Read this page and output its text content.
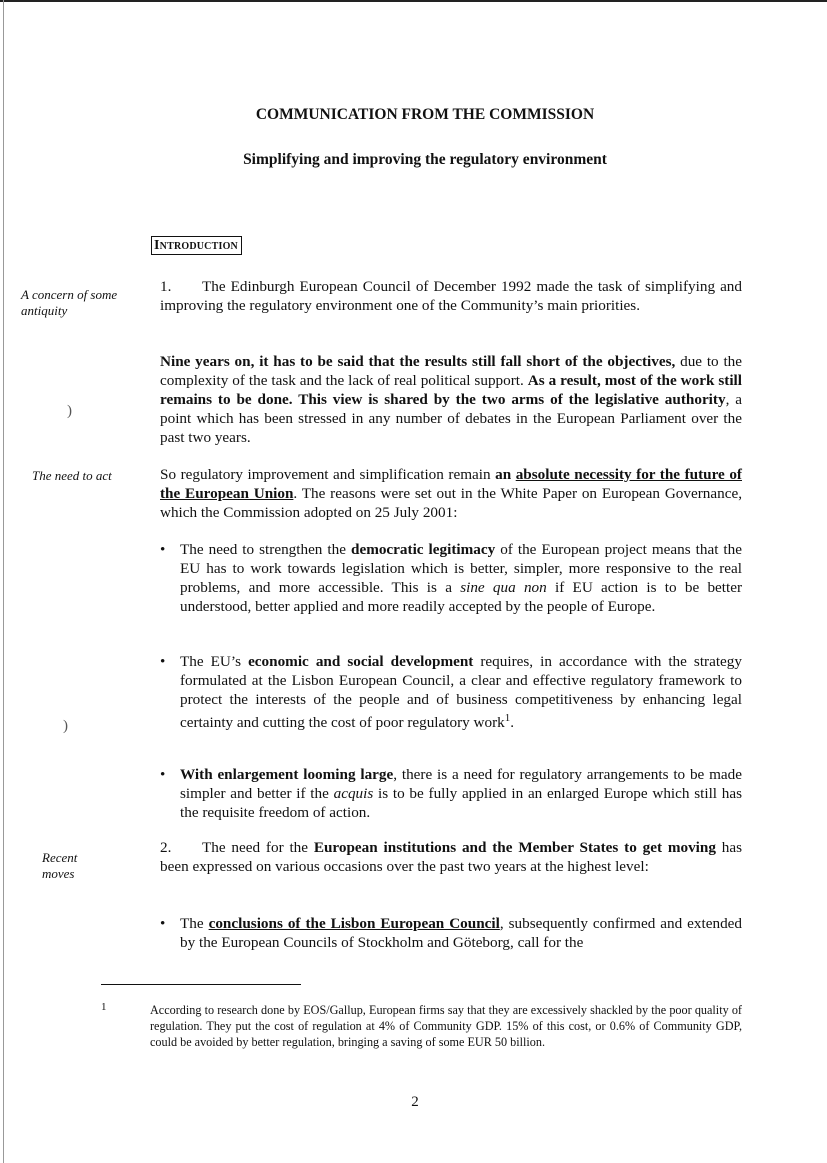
COMMUNICATION FROM THE COMMISSION
Simplifying and improving the regulatory environment
Introduction
A concern of some antiquity
The need to act
Recent moves
)
)
1. The Edinburgh European Council of December 1992 made the task of simplifying and improving the regulatory environment one of the Community’s main priorities.
Nine years on, it has to be said that the results still fall short of the objectives, due to the complexity of the task and the lack of real political support. As a result, most of the work still remains to be done. This view is shared by the two arms of the legislative authority, a point which has been stressed in any number of debates in the European Parliament over the past two years.
So regulatory improvement and simplification remain an absolute necessity for the future of the European Union. The reasons were set out in the White Paper on European Governance, which the Commission adopted on 25 July 2001:
• The need to strengthen the democratic legitimacy of the European project means that the EU has to work towards legislation which is better, simpler, more responsive to the real problems, and more accessible. This is a sine qua non if EU action is to be better understood, better applied and more readily accepted by the people of Europe.
• The EU’s economic and social development requires, in accordance with the strategy formulated at the Lisbon European Council, a clear and effective regulatory framework to protect the interests of the people and of business competitiveness by enhancing legal certainty and cutting the cost of poor regulatory work$^1$.
• With enlargement looming large, there is a need for regulatory arrangements to be made simpler and better if the acquis is to be fully applied in an enlarged Europe which still has the requisite freedom of action.
2. The need for the European institutions and the Member States to get moving has been expressed on various occasions over the past two years at the highest level:
• The conclusions of the Lisbon European Council, subsequently confirmed and extended by the European Councils of Stockholm and Göteborg, call for the
1	According to research done by EOS/Gallup, European firms say that they are excessively shackled by the poor quality of regulation. They put the cost of regulation at 4% of Community GDP. 15% of this cost, or 0.6% of Community GDP, could be avoided by better regulation, bringing a saving of some EUR 50 billion.
2
